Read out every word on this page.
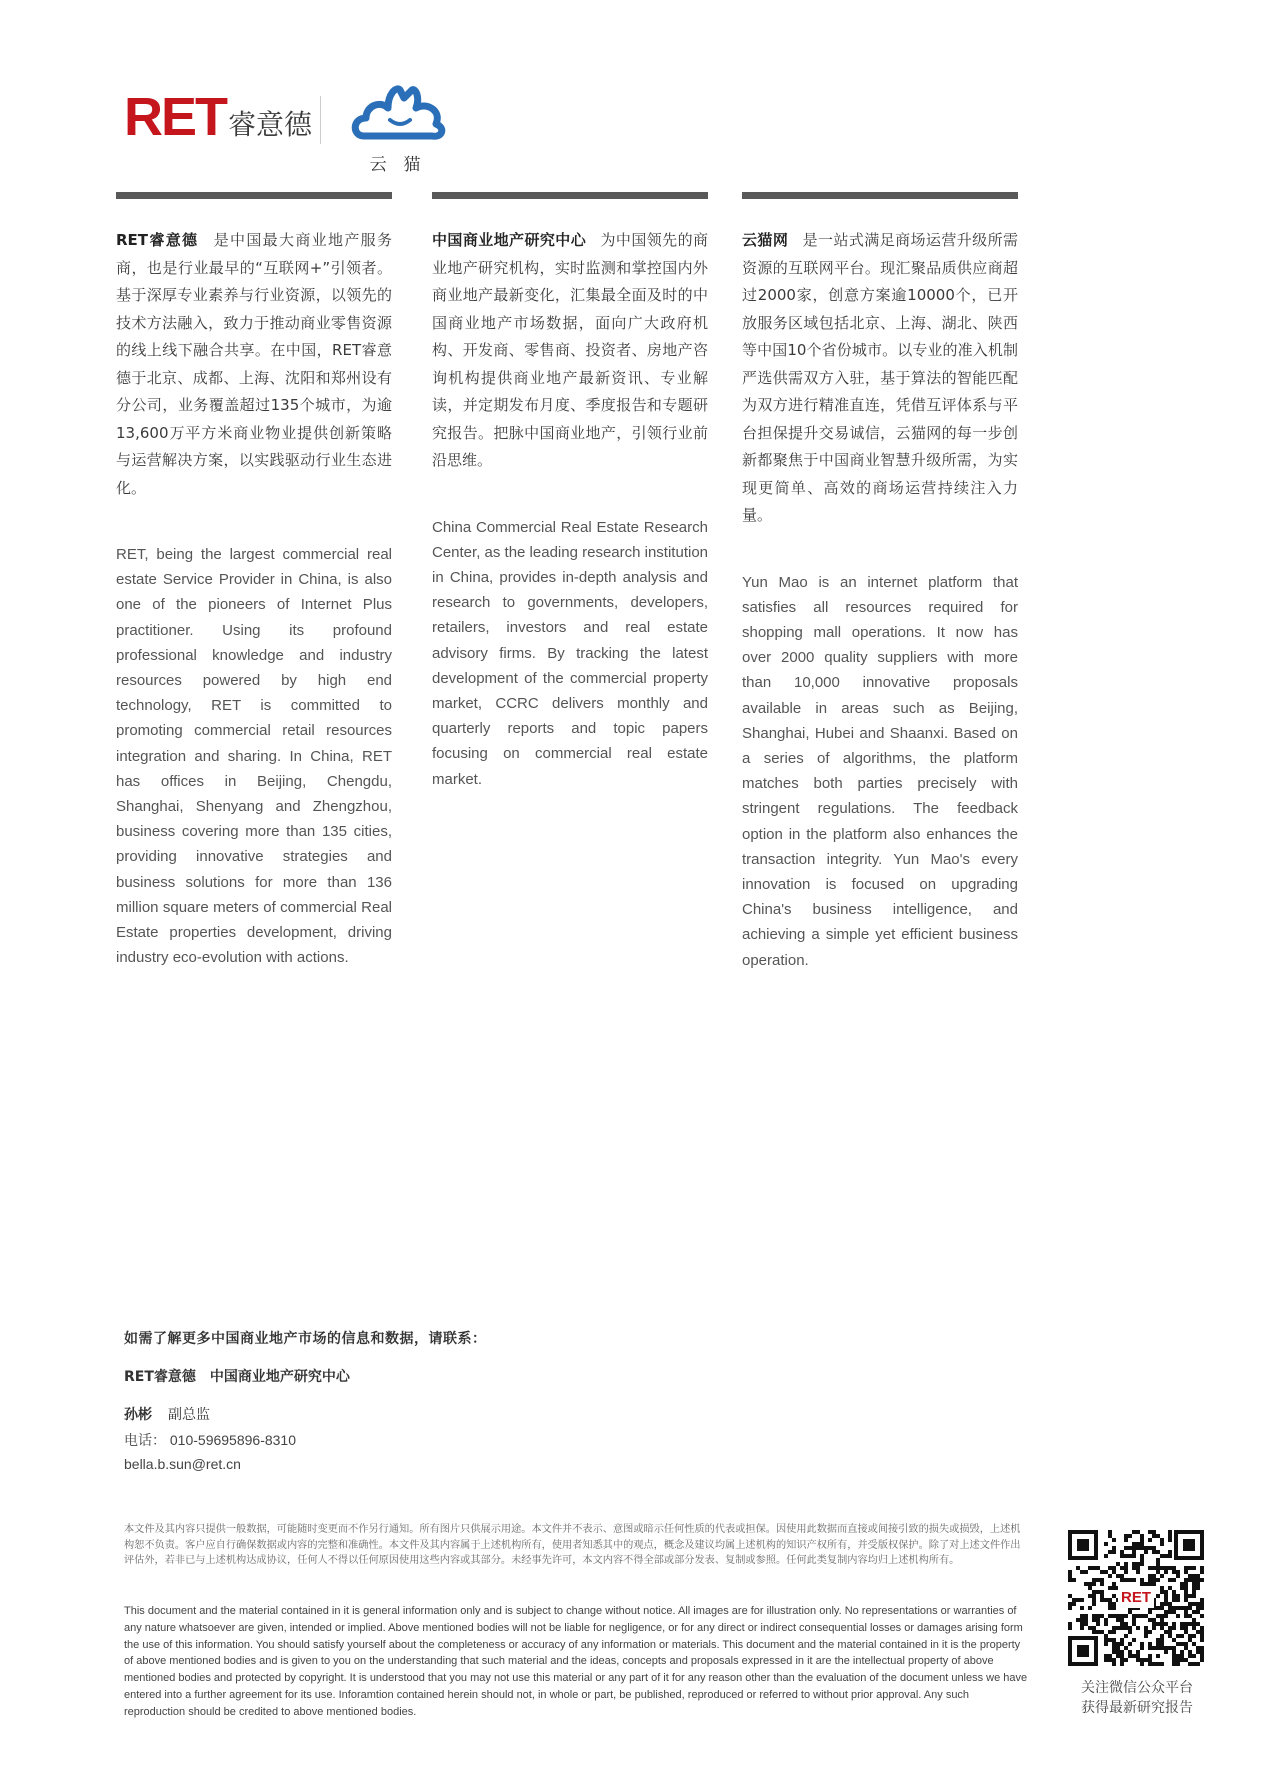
RET 睿意德
云 猫

RET睿意德 是中国最大商业地产服务商，也是行业最早的“互联网+”引领者。基于深厚专业素养与行业资源，以领先的技术方法融入，致力于推动商业零售资源的线上线下融合共享。在中国，RET睿意德于北京、成都、上海、沈阳和郑州设有分公司，业务覆盖超过135个城市，为逾13,600万平方米商业物业提供创新策略与运营解决方案，以实践驱动行业生态进化。

RET, being the largest commercial real estate Service Provider in China, is also one of the pioneers of Internet Plus practitioner. Using its profound professional knowledge and industry resources powered by high end technology, RET is committed to promoting commercial retail resources integration and sharing. In China, RET has offices in Beijing, Chengdu, Shanghai, Shenyang and Zhengzhou, business covering more than 135 cities, providing innovative strategies and business solutions for more than 136 million square meters of commercial Real Estate properties development, driving industry eco-evolution with actions.

中国商业地产研究中心 为中国领先的商业地产研究机构，实时监测和掌控国内外商业地产最新变化，汇集最全面及时的中国商业地产市场数据，面向广大政府机构、开发商、零售商、投资者、房地产咨询机构提供商业地产最新资讯、专业解读，并定期发布月度、季度报告和专题研究报告。把脉中国商业地产，引领行业前沿思维。

China Commercial Real Estate Research Center, as the leading research institution in China, provides in-depth analysis and research to governments, developers, retailers, investors and real estate advisory firms. By tracking the latest development of the commercial property market, CCRC delivers monthly and quarterly reports and topic papers focusing on commercial real estate market.

云猫网 是一站式满足商场运营升级所需资源的互联网平台。现汇聚品质供应商超过2000家，创意方案逾10000个，已开放服务区域包括北京、上海、湖北、陕西等中国10个省份城市。以专业的准入机制严选供需双方入驻，基于算法的智能匹配为双方进行精准直连，凭借互评体系与平台担保提升交易诚信，云猫网的每一步创新都聚焦于中国商业智慧升级所需，为实现更简单、高效的商场运营持续注入力量。

Yun Mao is an internet platform that satisfies all resources required for shopping mall operations. It now has over 2000 quality suppliers with more than 10,000 innovative proposals available in areas such as Beijing, Shanghai, Hubei and Shaanxi. Based on a series of algorithms, the platform matches both parties precisely with stringent regulations. The feedback option in the platform also enhances the transaction integrity. Yun Mao's every innovation is focused on upgrading China's business intelligence, and achieving a simple yet efficient business operation.
如需了解更多中国商业地产市场的信息和数据，请联系：
RET睿意德 中国商业地产研究中心
孙彬 副总监
电话： 010-59695896-8310
bella.b.sun@ret.cn
本文件及其内容只提供一般数据，可能随时变更而不作另行通知。所有图片只供展示用途。本文件并不表示、意图或暗示任何性质的代表或担保。因使用此数据而直接或间接引致的损失或损毁，上述机构恕不负责。客户应自行确保数据或内容的完整和准确性。本文件及其内容属于上述机构所有，使用者知悉其中的观点，概念及建议均属上述机构的知识产权所有，并受版权保护。除了对上述文件作出评估外，若非已与上述机构达成协议，任何人不得以任何原因使用这些内容或其部分。未经事先许可，本文内容不得全部或部分发表、复制或参照。任何此类复制内容均归上述机构所有。
This document and the material contained in it is general information only and is subject to change without notice. All images are for illustration only. No representations or warranties of any nature whatsoever are given, intended or implied. Above mentioned bodies will not be liable for negligence, or for any direct or indirect consequential losses or damages arising form the use of this information. You should satisfy yourself about the completeness or accuracy of any information or materials. This document and the material contained in it is the property of above mentioned bodies and is given to you on the understanding that such material and the ideas, concepts and proposals expressed in it are the intellectual property of above mentioned bodies and protected by copyright. It is understood that you may not use this material or any part of it for any reason other than the evaluation of the document unless we have entered into a further agreement for its use. Inforamtion contained herein should not, in whole or part, be published, reproduced or referred to without prior approval. Any such reproduction should be credited to above mentioned bodies.
RET
关注微信公众平台
获得最新研究报告
